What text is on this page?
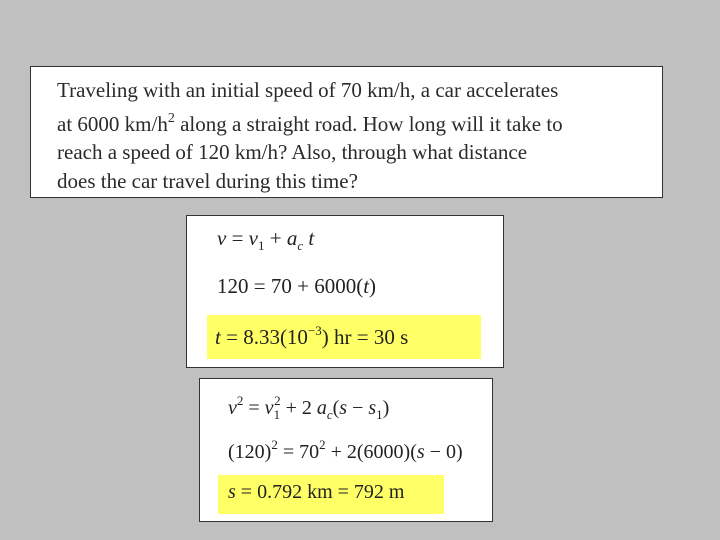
Traveling with an initial speed of 70 km/h, a car accelerates
at 6000 $km/h^2$ along a straight road. How long will it take to
reach a speed of 120 km/h? Also, through what distance
does the car travel during this time?
$v = v_1 + a_c$ t
120 = 70 + 6000(t)
$t = 8.33(10^{-3})$ hr = 30 s
$v^2 = v_1^2 + 2$ $a_c(s - s_1)$
$(120)^2 = 70^2 + 2(6000)(s - 0)$
s = 0.792 km = 792 m
